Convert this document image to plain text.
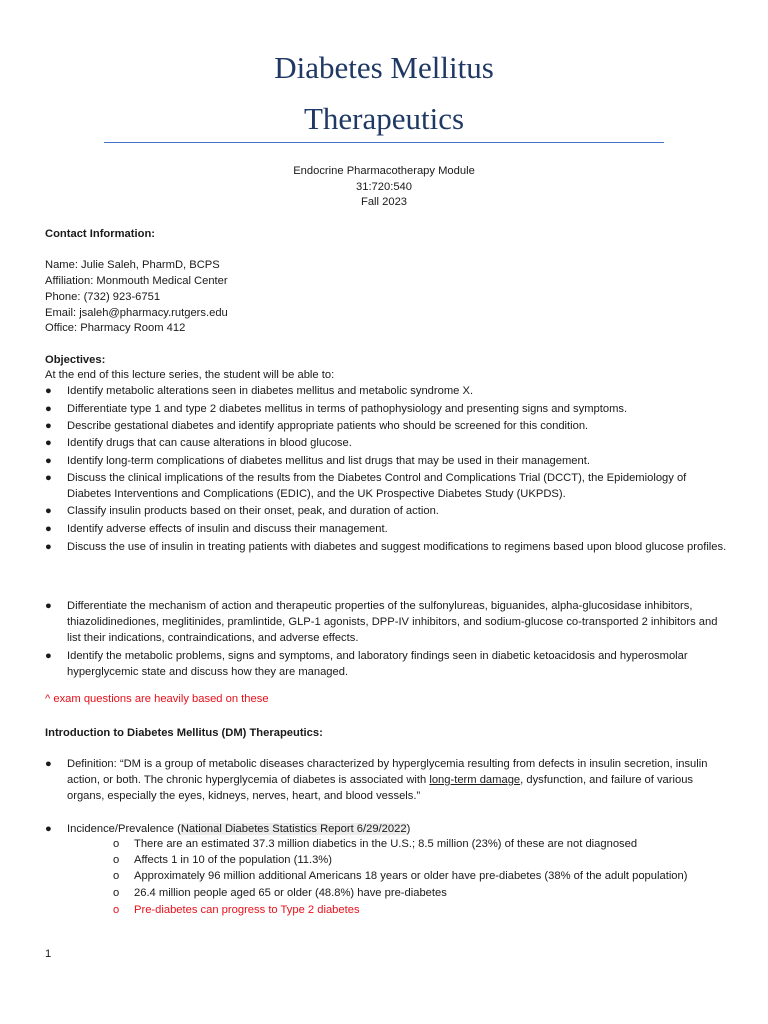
Diabetes Mellitus
Therapeutics
Endocrine Pharmacotherapy Module
31:720:540
Fall 2023
Contact Information:
Name: Julie Saleh, PharmD, BCPS
Affiliation: Monmouth Medical Center
Phone: (732) 923-6751
Email: jsaleh@pharmacy.rutgers.edu
Office: Pharmacy Room 412
Objectives:
At the end of this lecture series, the student will be able to:
● Identify metabolic alterations seen in diabetes mellitus and metabolic syndrome X.
● Differentiate type 1 and type 2 diabetes mellitus in terms of pathophysiology and presenting signs and symptoms.
● Describe gestational diabetes and identify appropriate patients who should be screened for this condition.
● Identify drugs that can cause alterations in blood glucose.
● Identify long-term complications of diabetes mellitus and list drugs that may be used in their management.
● Discuss the clinical implications of the results from the Diabetes Control and Complications Trial (DCCT), the Epidemiology of Diabetes Interventions and Complications (EDIC), and the UK Prospective Diabetes Study (UKPDS).
● Classify insulin products based on their onset, peak, and duration of action.
● Identify adverse effects of insulin and discuss their management.
● Discuss the use of insulin in treating patients with diabetes and suggest modifications to regimens based upon blood glucose profiles.
● Differentiate the mechanism of action and therapeutic properties of the sulfonylureas, biguanides, alpha-glucosidase inhibitors, thiazolidinediones, meglitinides, pramlintide, GLP-1 agonists, DPP-IV inhibitors, and sodium-glucose co-transported 2 inhibitors and list their indications, contraindications, and adverse effects.
● Identify the metabolic problems, signs and symptoms, and laboratory findings seen in diabetic ketoacidosis and hyperosmolar hyperglycemic state and discuss how they are managed.
^ exam questions are heavily based on these
Introduction to Diabetes Mellitus (DM) Therapeutics:
● Definition: “DM is a group of metabolic diseases characterized by hyperglycemia resulting from defects in insulin secretion, insulin action, or both. The chronic hyperglycemia of diabetes is associated with long-term damage, dysfunction, and failure of various organs, especially the eyes, kidneys, nerves, heart, and blood vessels.”
● Incidence/Prevalence (National Diabetes Statistics Report 6/29/2022)
o There are an estimated 37.3 million diabetics in the U.S.; 8.5 million (23%) of these are not diagnosed
o Affects 1 in 10 of the population (11.3%)
o Approximately 96 million additional Americans 18 years or older have pre-diabetes (38% of the adult population)
o 26.4 million people aged 65 or older (48.8%) have pre-diabetes
o Pre-diabetes can progress to Type 2 diabetes
1
